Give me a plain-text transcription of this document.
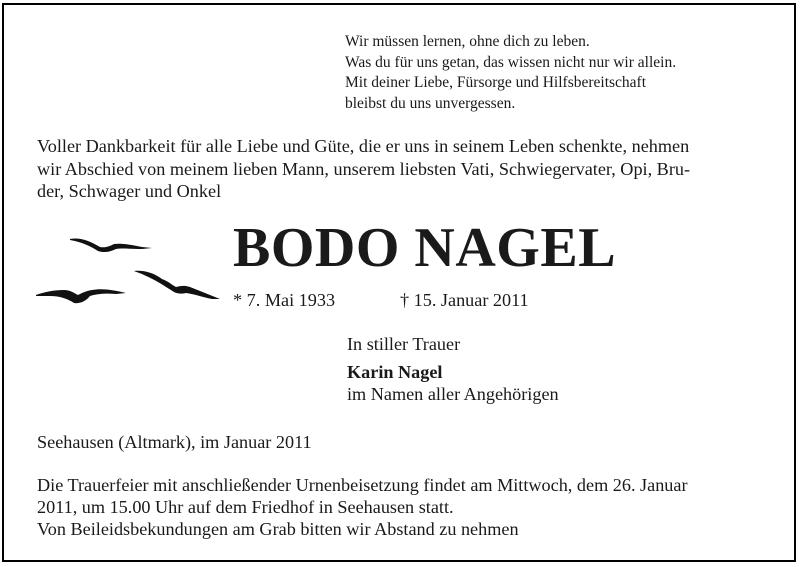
Wir müssen lernen, ohne dich zu leben.
Was du für uns getan, das wissen nicht nur wir allein.
Mit deiner Liebe, Fürsorge und Hilfsbereitschaft
bleibst du uns unvergessen.
Voller Dankbarkeit für alle Liebe und Güte, die er uns in seinem Leben schenkte, nehmen
wir Abschied von meinem lieben Mann, unserem liebsten Vati, Schwiegervater, Opi, Bru-
der, Schwager und Onkel
BODO NAGEL
* 7. Mai 1933	† 15. Januar 2011
In stiller Trauer
Karin Nagel
im Namen aller Angehörigen
Seehausen (Altmark), im Januar 2011
Die Trauerfeier mit anschließender Urnenbeisetzung findet am Mittwoch, dem 26. Januar
2011, um 15.00 Uhr auf dem Friedhof in Seehausen statt.
Von Beileidsbekundungen am Grab bitten wir Abstand zu nehmen
